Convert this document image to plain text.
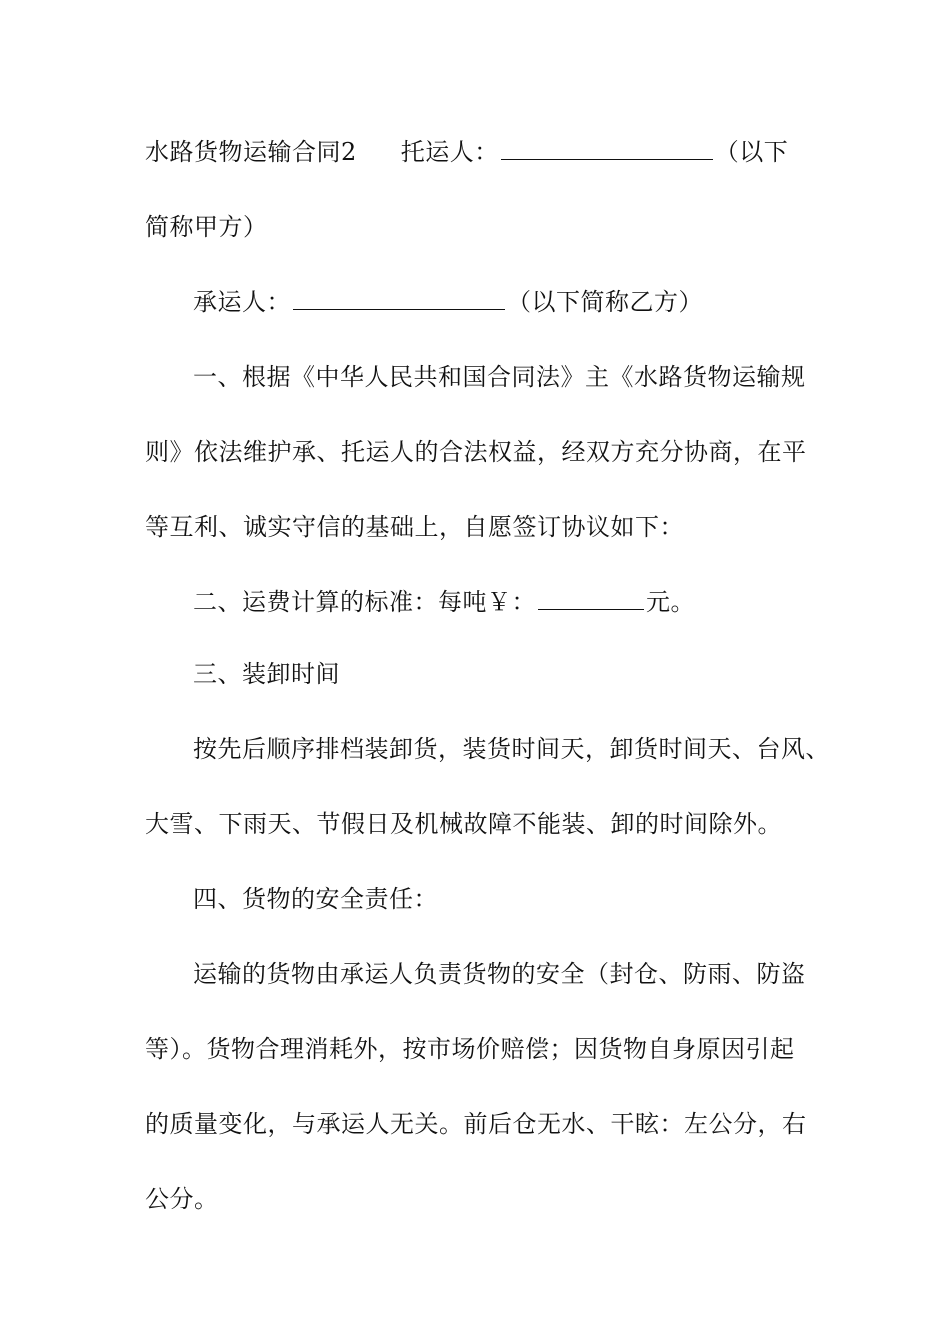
水路货物运输合同2 托运人：	（以下
简称甲方）
承运人：	（以下简称乙方）
一、根据《中华人民共和国合同法》主《水路货物运输规
则》依法维护承、托运人的合法权益，经双方充分协商，在平
等互利、诚实守信的基础上，自愿签订协议如下：
二、运费计算的标准：每吨￥：	元。
三、装卸时间
按先后顺序排档装卸货，装货时间天，卸货时间天、台风、
大雪、下雨天、节假日及机械故障不能装、卸的时间除外。
四、货物的安全责任：
运输的货物由承运人负责货物的安全（封仓、防雨、防盗
等）。货物合理消耗外，按市场价赔偿；因货物自身原因引起
的质量变化，与承运人无关。前后仓无水、干眩：左公分，右
公分。
